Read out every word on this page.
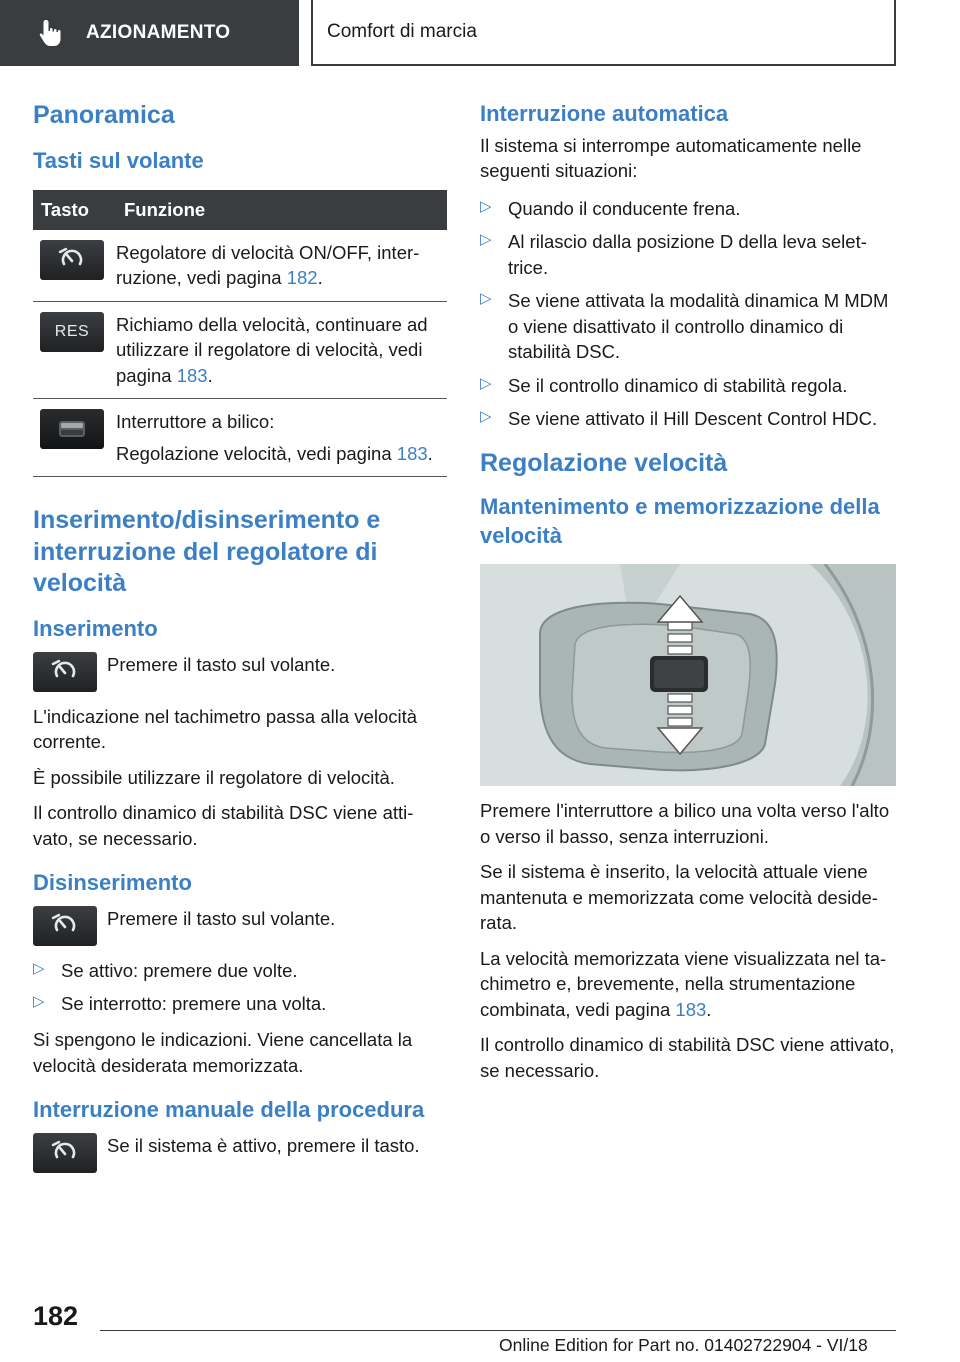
AZIONAMENTO	Comfort di marcia
Panoramica
Tasti sul volante
Tasto	Funzione

Regolatore di velocità ON/OFF, interruzione, vedi pagina 182.

RES	Richiamo della velocità, continuare ad utilizzare il regolatore di velocità, vedi pagina 183.

Interruttore a bilico:

Regolazione velocità, vedi pagina 183.

Inserimento/disinserimento e interruzione del regolatore di velocità
Inserimento
Premere il tasto sul volante.

L'indicazione nel tachimetro passa alla velocità corrente.

È possibile utilizzare il regolatore di velocità.

Il controllo dinamico di stabilità DSC viene attivato, se necessario.

Disinserimento
Premere il tasto sul volante.
▷ Se attivo: premere due volte.
▷ Se interrotto: premere una volta.

Si spengono le indicazioni. Viene cancellata la velocità desiderata memorizzata.

Interruzione manuale della procedura
Se il sistema è attivo, premere il tasto.
Interruzione automatica

Il sistema si interrompe automaticamente nelle seguenti situazioni:

▷ Quando il conducente frena.
▷ Al rilascio dalla posizione D della leva selettrice.
▷ Se viene attivata la modalità dinamica M MDM o viene disattivato il controllo dinamico di stabilità DSC.
▷ Se il controllo dinamico di stabilità regola.
▷ Se viene attivato il Hill Descent Control HDC.
Regolazione velocità
Mantenimento e memorizzazione della velocità

Premere l'interruttore a bilico una volta verso l'alto o verso il basso, senza interruzioni.

Se il sistema è inserito, la velocità attuale viene mantenuta e memorizzata come velocità desiderata.

La velocità memorizzata viene visualizzata nel tachimetro e, brevemente, nella strumentazione combinata, vedi pagina 183.

Il controllo dinamico di stabilità DSC viene attivato, se necessario.

182
Online Edition for Part no. 01402722904 - VI/18
